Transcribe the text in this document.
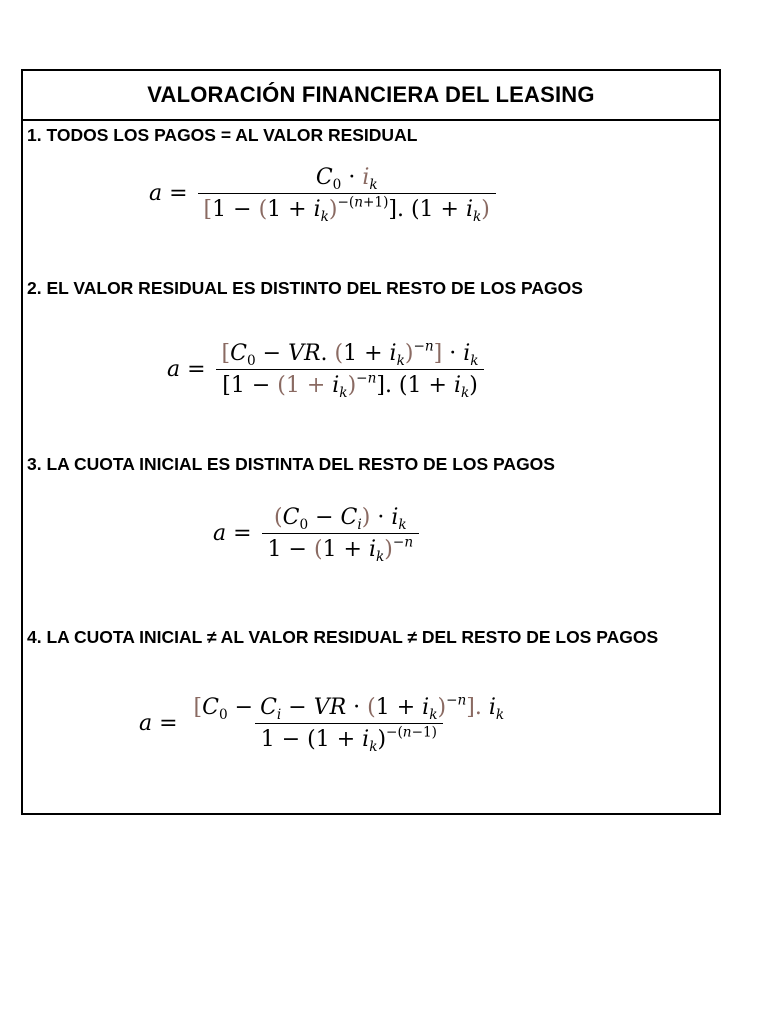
VALORACIÓN FINANCIERA DEL LEASING
1. TODOS LOS PAGOS = AL VALOR RESIDUAL
$a = \frac{C_0 \cdot i_k}{[1 - (1 + i_k)^{-(n+1)}]. (1 + i_k)}$
2. EL VALOR RESIDUAL ES DISTINTO DEL RESTO DE LOS PAGOS
$a = \frac{[C_0 - VR. (1 + i_k)^{-n}] \cdot i_k}{[1 - (1 + i_k)^{-n}]. (1 + i_k)}$
3. LA CUOTA INICIAL ES DISTINTA DEL RESTO DE LOS PAGOS
$a = \frac{(C_0 - C_i) \cdot i_k}{1 - (1 + i_k)^{-n}}$
4. LA CUOTA INICIAL ≠ AL VALOR RESIDUAL ≠ DEL RESTO DE LOS PAGOS
$a = \frac{[C_0 - C_i - VR \cdot (1 + i_k)^{-n}]. i_k}{1 - (1 + i_k)^{-(n-1)}}$
